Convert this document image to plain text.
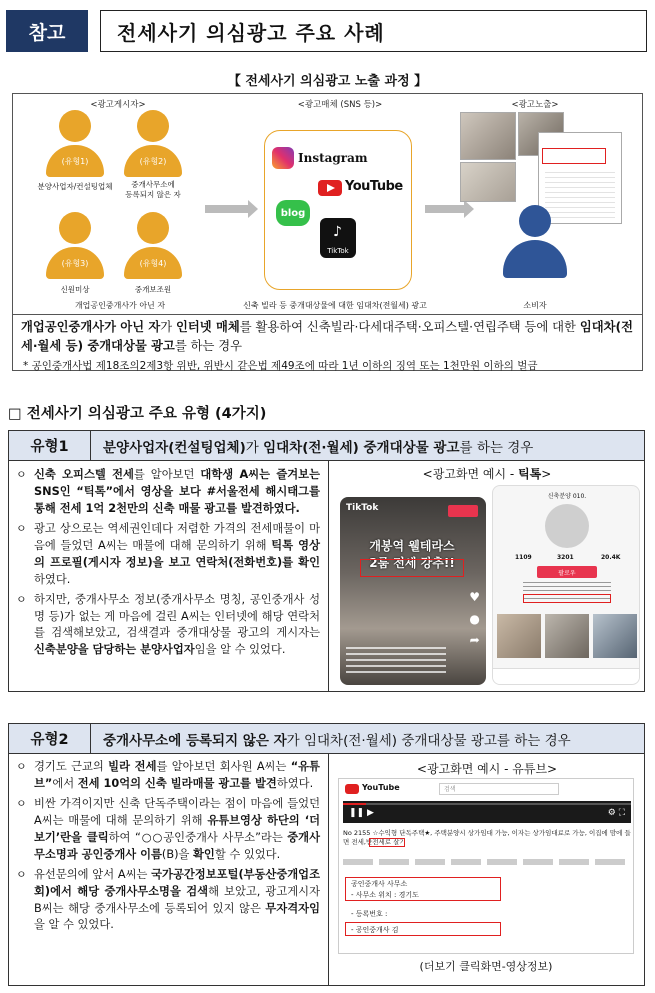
참고	전세사기 의심광고 주요 사례
【 전세사기 의심광고 노출 과정 】
<광고게시자>	<광고매체 (SNS 등)>	<광고노출>
(유형1)
분양사업자/컨설팅업체
(유형2)
중개사무소에
등록되지 않은 자
(유형3)
신원미상
(유형4)
중개보조원
Instagram
YouTube
blog
TikTok
♪
개업공인중개사가 아닌 자	신축 빌라 등 중개대상물에 대한 임대차(전월세) 광고	소비자
개업공인중개사가 아닌 자가 인터넷 매체를 활용하여 신축빌라·다세대주택·오피스텔·연립주택 등에 대한 임대차(전세·월세 등) 중개대상물 광고를 하는 경우
* 공인중개사법 제18조의2제3항 위반, 위반시 같은법 제49조에 따라 1년 이하의 징역 또는 1천만원 이하의 벌금
□ 전세사기 의심광고 주요 유형 (4가지)
유형1	분양사업자(컨설팅업체)가 임대차(전·월세) 중개대상물 광고를 하는 경우
ㅇ 신축 오피스텔 전세를 알아보던 대학생 A씨는 즐겨보는 SNS인 “틱톡”에서 영상을 보다 #서울전세 해시태그를 통해 전세 1억 2천만의 신축 매물 광고를 발견하였다.
ㅇ 광고 상으로는 역세권인데다 저렴한 가격의 전세매물이 마음에 들었던 A씨는 매물에 대해 문의하기 위해 틱톡 영상의 프로필(게시자 정보)을 보고 연락처(전화번호)를 확인하였다.
ㅇ 하지만, 중개사무소 정보(중개사무소 명칭, 공인중개사 성명 등)가 없는 게 마음에 걸린 A씨는 인터넷에 해당 연락처를 검색해보았고, 검색결과 중개대상물 광고의 게시자는 신축분양을 담당하는 분양사업자임을 알 수 있었다.
<광고화면 예시 - 틱톡>
TikTok
개봉역 웰테라스
2룸 전세 강추!!
♥
●
➦
신축분양 010.
1109	3201	20.4K
팔로우
유형2	중개사무소에 등록되지 않은 자가 임대차(전·월세) 중개대상물 광고를 하는 경우
ㅇ 경기도 근교의 빌라 전세를 알아보던 회사원 A씨는 “유튜브”에서 전세 10억의 신축 빌라매물 광고를 발견하였다.
ㅇ 비싼 가격이지만 신축 단독주택이라는 점이 마음에 들었던 A씨는 매물에 대해 문의하기 위해 유튜브영상 하단의 ‘더보기’란을 클릭하여 “○○공인중개사 사무소”라는 중개사무소명과 공인중개사 이름(B)을 확인할 수 있었다.
ㅇ 유선문의에 앞서 A씨는 국가공간정보포털(부동산중개업조회)에서 해당 중개사무소명을 검색해 보았고, 광고게시자 B씨는 해당 중개사무소에 등록되어 있지 않은 무자격자임을 알 수 있었다.
<광고화면 예시 - 유튜브>
YouTube	검색
❚❚ ▶	⚙ ⛶
No 2155 ☆수익형 단독주택★, 주택분양시 상가임대 가능, 이자는 상가임대료로 가능, 이집에 맘에 들면 전세,반전세로 살기
공인중개사 사무소
- 사무소 위치 : 경기도
- 등록번호 :
- 공인중개사 김
(더보기 클릭화면-영상정보)
